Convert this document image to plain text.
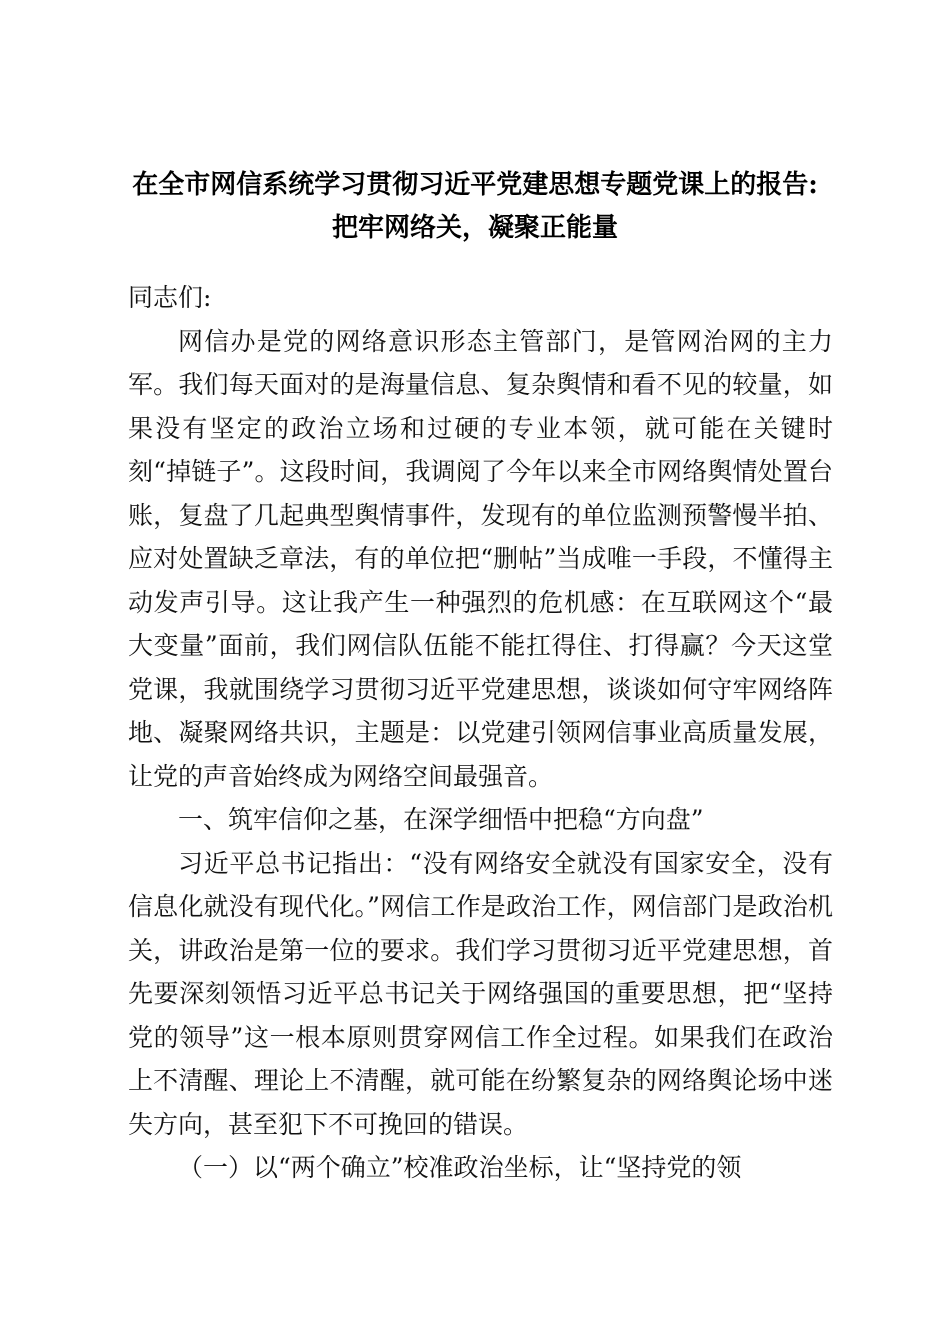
在全市网信系统学习贯彻习近平党建思想专题党课上的报告:
把牢网络关，凝聚正能量

同志们:

网信办是党的网络意识形态主管部门，是管网治网的主力军。我们每天面对的是海量信息、复杂舆情和看不见的较量，如果没有坚定的政治立场和过硬的专业本领，就可能在关键时刻“掉链子”。这段时间，我调阅了今年以来全市网络舆情处置台账，复盘了几起典型舆情事件，发现有的单位监测预警慢半拍、应对处置缺乏章法，有的单位把“删帖”当成唯一手段，不懂得主动发声引导。这让我产生一种强烈的危机感：在互联网这个“最大变量”面前，我们网信队伍能不能扛得住、打得赢？今天这堂党课，我就围绕学习贯彻习近平党建思想，谈谈如何守牢网络阵地、凝聚网络共识，主题是：以党建引领网信事业高质量发展，让党的声音始终成为网络空间最强音。

一、筑牢信仰之基，在深学细悟中把稳“方向盘”

习近平总书记指出：“没有网络安全就没有国家安全，没有信息化就没有现代化。”网信工作是政治工作，网信部门是政治机关，讲政治是第一位的要求。我们学习贯彻习近平党建思想，首先要深刻领悟习近平总书记关于网络强国的重要思想，把“坚持党的领导”这一根本原则贯穿网信工作全过程。如果我们在政治上不清醒、理论上不清醒，就可能在纷繁复杂的网络舆论场中迷失方向，甚至犯下不可挽回的错误。

（一）以“两个确立”校准政治坐标，让“坚持党的领
